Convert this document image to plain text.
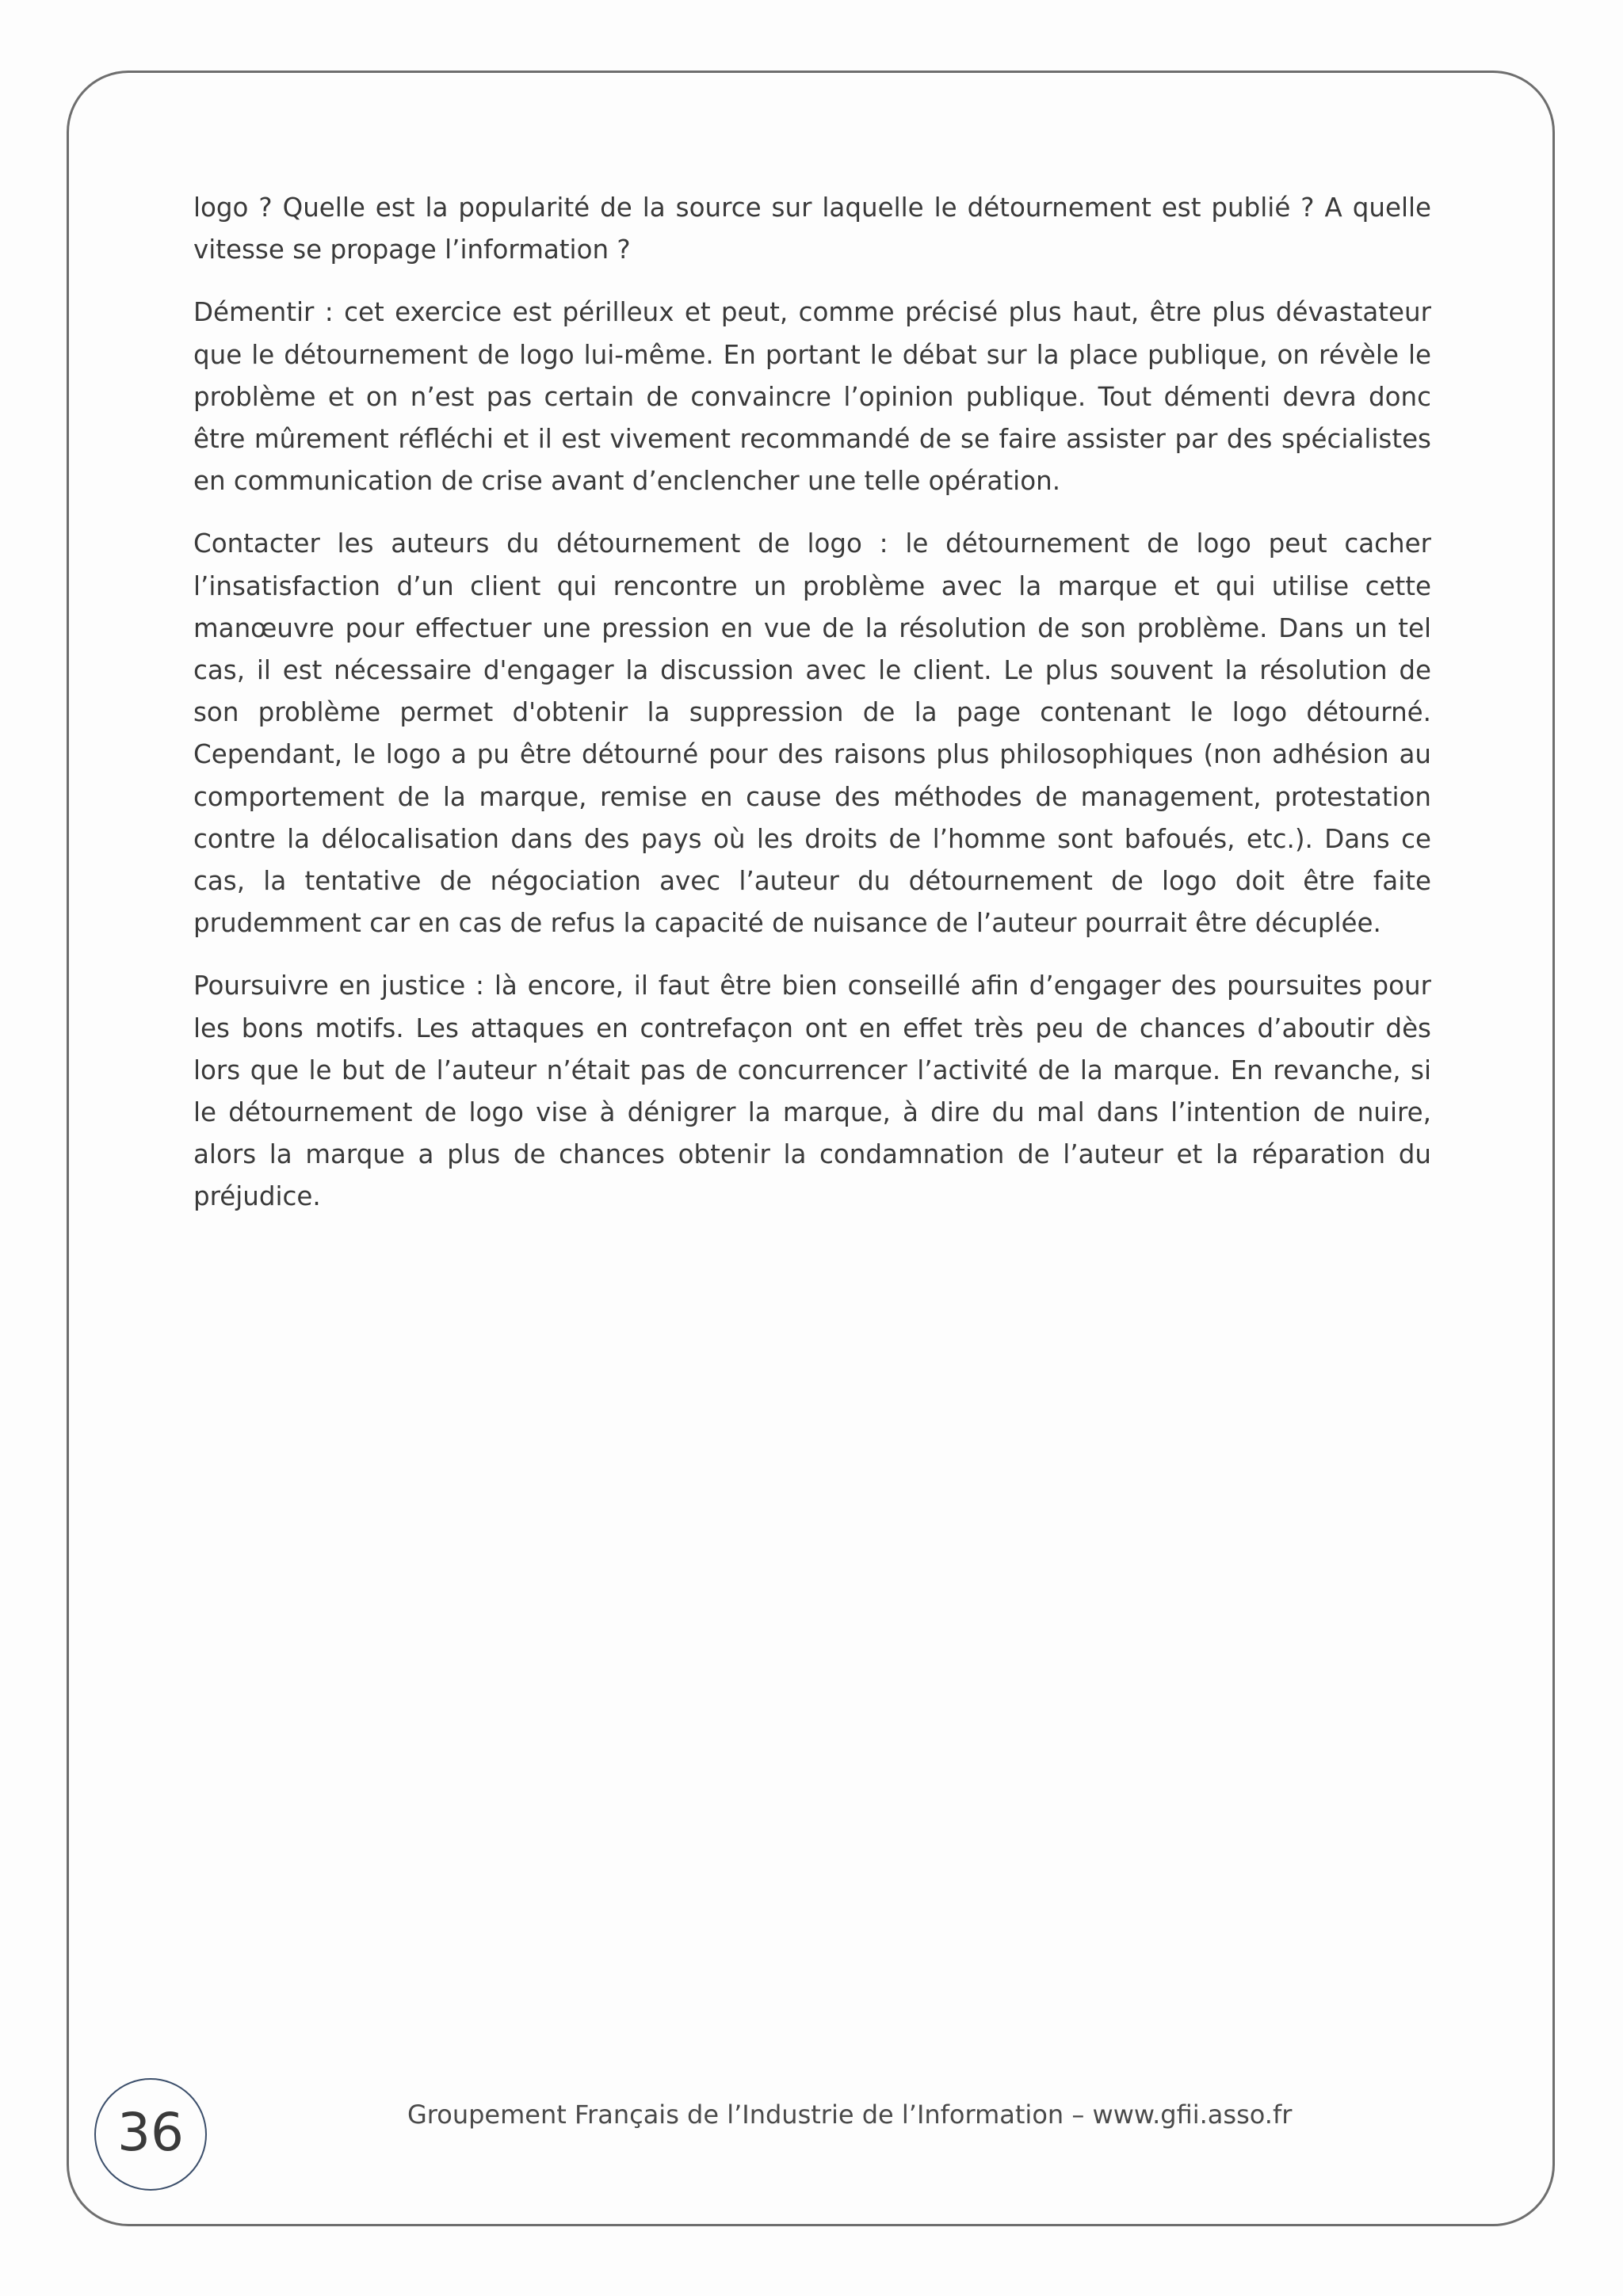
logo ? Quelle est la popularité de la source sur laquelle le détournement est publié ? A quelle vitesse se propage l’information ?

Démentir : cet exercice est périlleux et peut, comme précisé plus haut, être plus dévastateur que le détournement de logo lui-même. En portant le débat sur la place publique, on révèle le problème et on n’est pas certain de convaincre l’opinion publique. Tout démenti devra donc être mûrement réfléchi et il est vivement recommandé de se faire assister par des spécialistes en communication de crise avant d’enclencher une telle opération.

Contacter les auteurs du détournement de logo : le détournement de logo peut cacher l’insatisfaction d’un client qui rencontre un problème avec la marque et qui utilise cette manœuvre pour effectuer une pression en vue de la résolution de son problème. Dans un tel cas, il est nécessaire d'engager la discussion avec le client. Le plus souvent la résolution de son problème permet d'obtenir la suppression de la page contenant le logo détourné. Cependant, le logo a pu être détourné pour des raisons plus philosophiques (non adhésion au comportement de la marque, remise en cause des méthodes de management, protestation contre la délocalisation dans des pays où les droits de l’homme sont bafoués, etc.). Dans ce cas, la tentative de négociation avec l’auteur du détournement de logo doit être faite prudemment car en cas de refus la capacité de nuisance de l’auteur pourrait être décuplée.

Poursuivre en justice : là encore, il faut être bien conseillé afin d’engager des poursuites pour les bons motifs. Les attaques en contrefaçon ont en effet très peu de chances d’aboutir dès lors que le but de l’auteur n’était pas de concurrencer l’activité de la marque. En revanche, si le détournement de logo vise à dénigrer la marque, à dire du mal dans l’intention de nuire, alors la marque a plus de chances obtenir la condamnation de l’auteur et la réparation du préjudice.

36	Groupement Français de l’Industrie de l’Information – www.gfii.asso.fr
